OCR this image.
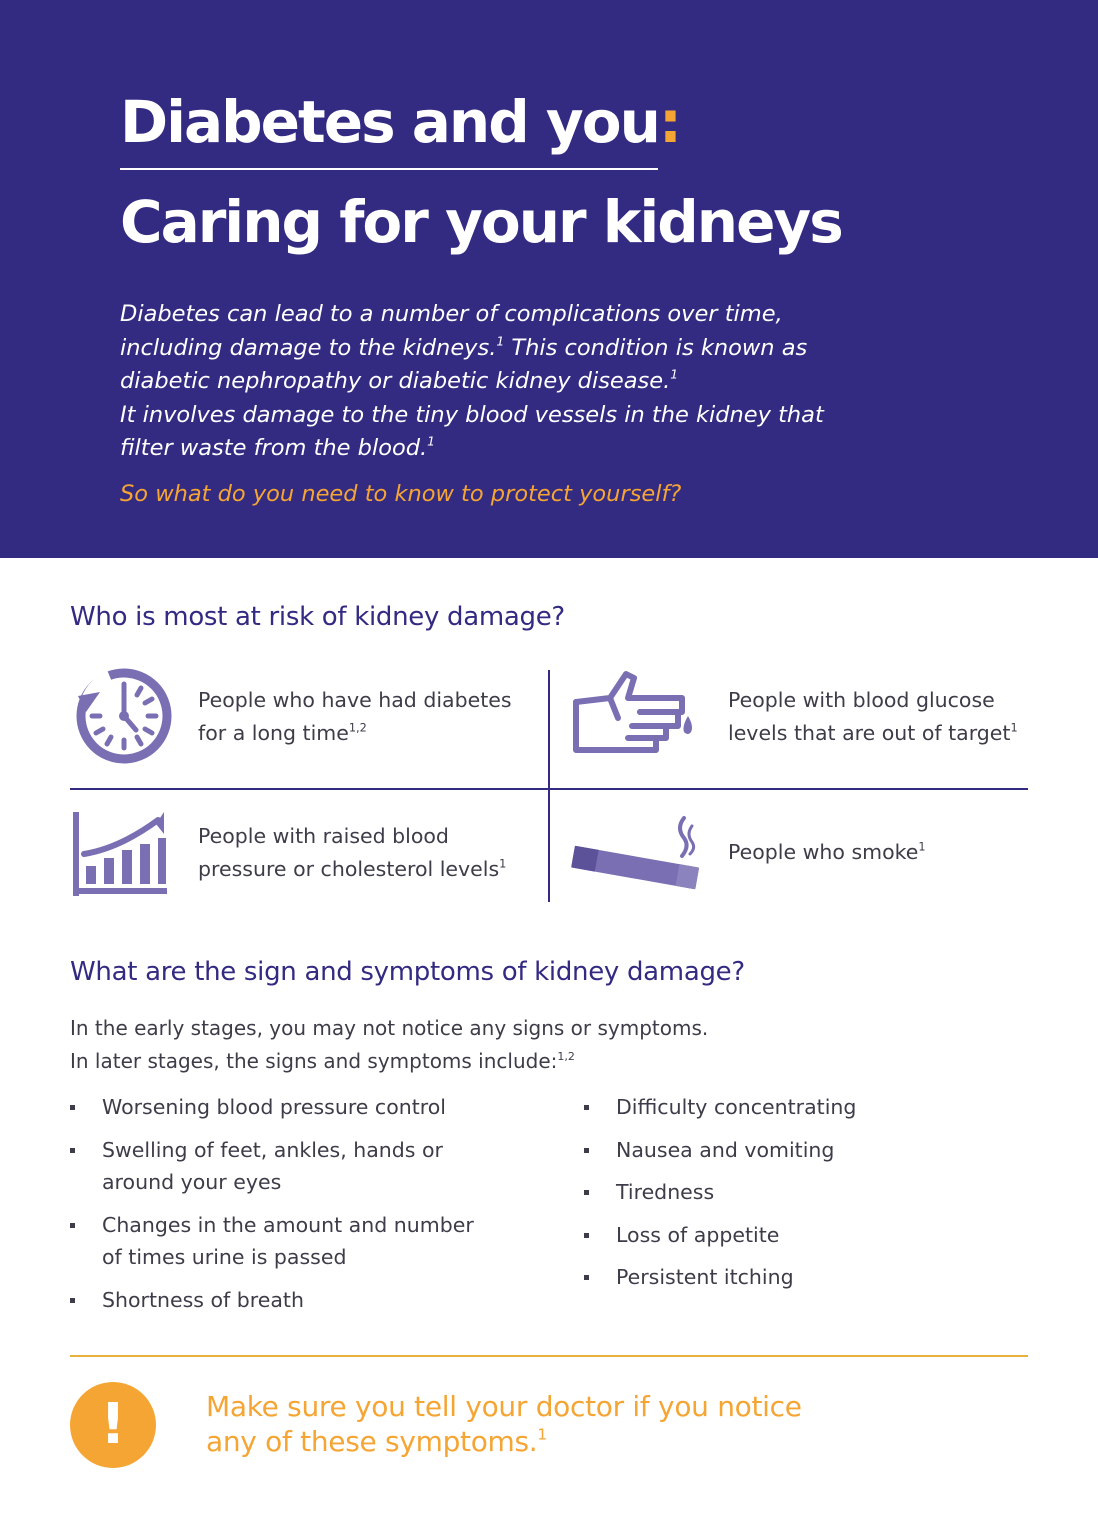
Diabetes and you:
Caring for your kidneys

Diabetes can lead to a number of complications over time, including damage to the kidneys.$^1$ This condition is known as diabetic nephropathy or diabetic kidney disease.$^1$
It involves damage to the tiny blood vessels in the kidney that filter waste from the blood.$^1$

So what do you need to know to protect yourself?

Who is most at risk of kidney damage?

People who have had diabetes for a long time$^{1,2}$

People with blood glucose levels that are out of target$^1$

People with raised blood pressure or cholesterol levels$^1$	People who smoke$^1$

What are the sign and symptoms of kidney damage?

In the early stages, you may not notice any signs or symptoms.
In later stages, the signs and symptoms include:$^{1,2}$

Worsening blood pressure control
Swelling of feet, ankles, hands or around your eyes
Changes in the amount and number of times urine is passed
Shortness of breath
Difficulty concentrating
Nausea and vomiting
Tiredness
Loss of appetite
Persistent itching
!	Make sure you tell your doctor if you notice any of these symptoms.$^1$
